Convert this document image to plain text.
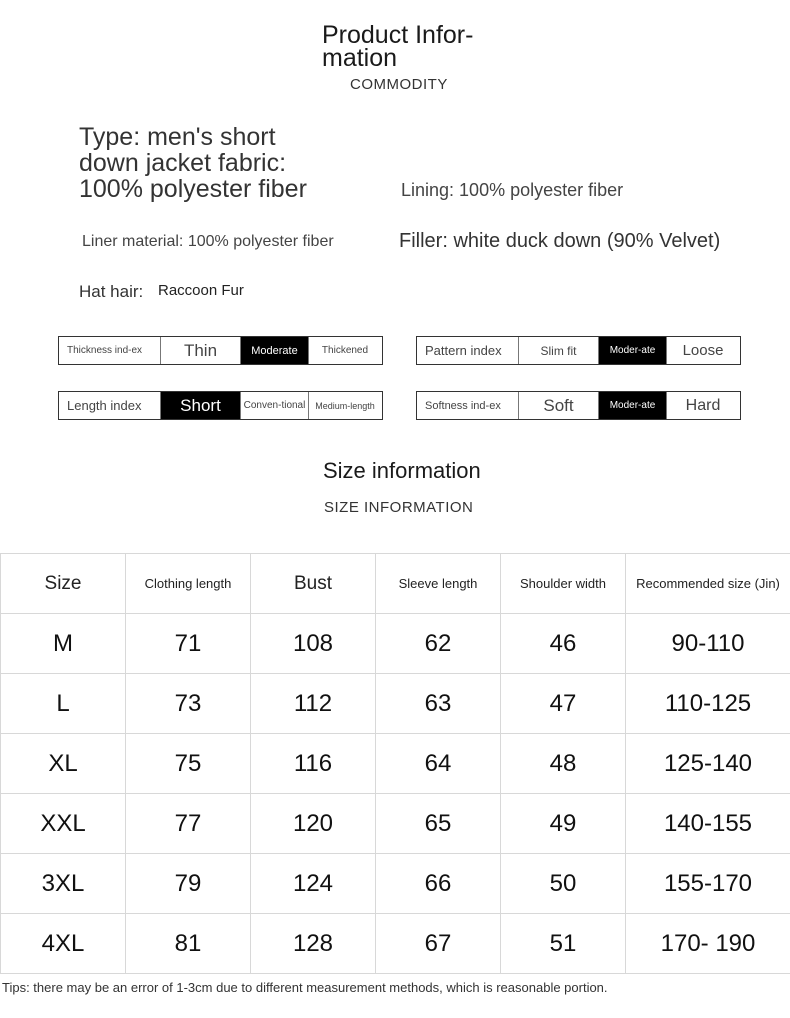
Product Infor-mation
COMMODITY
Type: men's short down jacket fabric: 100% polyester fiber	Lining: 100% polyester fiber
Liner material: 100% polyester fiber	Filler: white duck down (90% Velvet)
Hat hair: Raccoon Fur
Thickness ind-ex	Thin	Moderate	Thickened	Pattern index	Slim fit	Moder-ate	Loose
Length index	Short	Conven-tional	Medium-length	Softness ind-ex	Soft	Moder-ate	Hard
Size information
SIZE INFORMATION
Size	Clothing length	Bust	Sleeve length	Shoulder width	Recommended size (Jin)
M	71	108	62	46	90-110
L	73	112	63	47	110-125
XL	75	116	64	48	125-140
XXL	77	120	65	49	140-155
3XL	79	124	66	50	155-170
4XL	81	128	67	51	170- 190
Tips: there may be an error of 1-3cm due to different measurement methods, which is reasonable portion.
